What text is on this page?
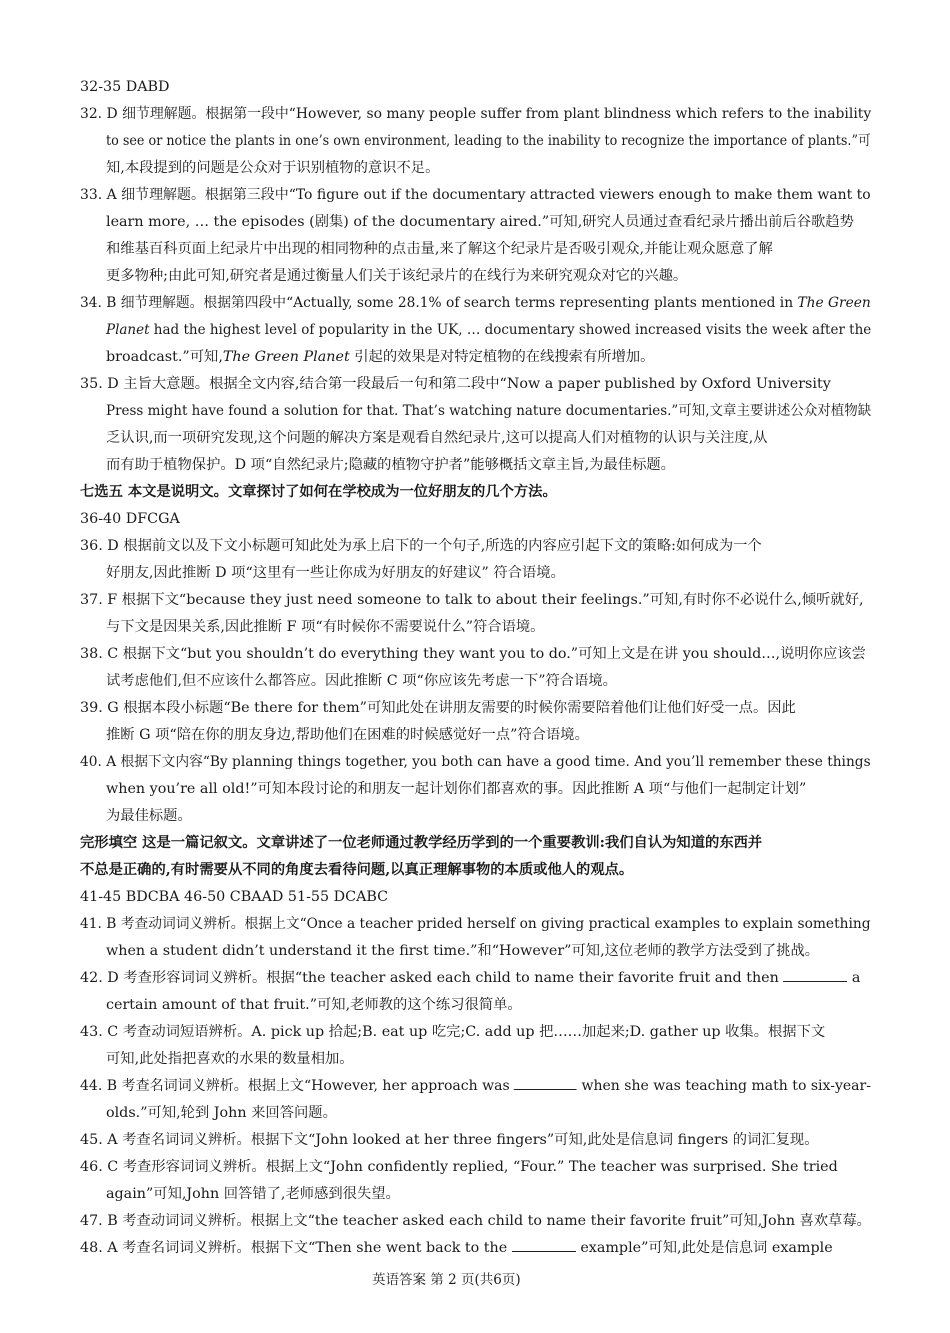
32-35 DABD
32. D 细节理解题。根据第一段中“However, so many people suffer from plant blindness which refers to the inability
to see or notice the plants in one’s own environment, leading to the inability to recognize the importance of plants.”可
知,本段提到的问题是公众对于识别植物的意识不足。
33. A 细节理解题。根据第三段中“To figure out if the documentary attracted viewers enough to make them want to
learn more, … the episodes (剧集) of the documentary aired.”可知,研究人员通过查看纪录片播出前后谷歌趋势
和维基百科页面上纪录片中出现的相同物种的点击量,来了解这个纪录片是否吸引观众,并能让观众愿意了解
更多物种;由此可知,研究者是通过衡量人们关于该纪录片的在线行为来研究观众对它的兴趣。
34. B 细节理解题。根据第四段中“Actually, some 28.1% of search terms representing plants mentioned in The Green
Planet had the highest level of popularity in the UK, … documentary showed increased visits the week after the
broadcast.”可知,The Green Planet 引起的效果是对特定植物的在线搜索有所增加。
35. D 主旨大意题。根据全文内容,结合第一段最后一句和第二段中“Now a paper published by Oxford University
Press might have found a solution for that. That’s watching nature documentaries.”可知,文章主要讲述公众对植物缺
乏认识,而一项研究发现,这个问题的解决方案是观看自然纪录片,这可以提高人们对植物的认识与关注度,从
而有助于植物保护。D 项“自然纪录片;隐藏的植物守护者”能够概括文章主旨,为最佳标题。
七选五 本文是说明文。文章探讨了如何在学校成为一位好朋友的几个方法。
36-40 DFCGA
36. D 根据前文以及下文小标题可知此处为承上启下的一个句子,所选的内容应引起下文的策略:如何成为一个
好朋友,因此推断 D 项“这里有一些让你成为好朋友的好建议” 符合语境。
37. F 根据下文“because they just need someone to talk to about their feelings.”可知,有时你不必说什么,倾听就好,
与下文是因果关系,因此推断 F 项“有时候你不需要说什么”符合语境。
38. C 根据下文“but you shouldn’t do everything they want you to do.”可知上文是在讲 you should…,说明你应该尝
试考虑他们,但不应该什么都答应。因此推断 C 项“你应该先考虑一下”符合语境。
39. G 根据本段小标题“Be there for them”可知此处在讲朋友需要的时候你需要陪着他们让他们好受一点。因此
推断 G 项“陪在你的朋友身边,帮助他们在困难的时候感觉好一点”符合语境。
40. A 根据下文内容“By planning things together, you both can have a good time. And you’ll remember these things
when you’re all old!”可知本段讨论的和朋友一起计划你们都喜欢的事。因此推断 A 项“与他们一起制定计划”
为最佳标题。
完形填空 这是一篇记叙文。文章讲述了一位老师通过教学经历学到的一个重要教训:我们自认为知道的东西并
不总是正确的,有时需要从不同的角度去看待问题,以真正理解事物的本质或他人的观点。
41-45 BDCBA 46-50 CBAAD 51-55 DCABC
41. B 考查动词词义辨析。根据上文“Once a teacher prided herself on giving practical examples to explain something
when a student didn’t understand it the first time.”和“However”可知,这位老师的教学方法受到了挑战。
42. D 考查形容词词义辨析。根据“the teacher asked each child to name their favorite fruit and then	a
certain amount of that fruit.”可知,老师教的这个练习很简单。
43. C 考查动词短语辨析。A. pick up 拾起;B. eat up 吃完;C. add up 把……加起来;D. gather up 收集。根据下文
可知,此处指把喜欢的水果的数量相加。
44. B 考查名词词义辨析。根据上文“However, her approach was	when she was teaching math to six-year-
olds.”可知,轮到 John 来回答问题。
45. A 考查名词词义辨析。根据下文“John looked at her three fingers”可知,此处是信息词 fingers 的词汇复现。
46. C 考查形容词词义辨析。根据上文“John confidently replied, “Four.” The teacher was surprised. She tried
again”可知,John 回答错了,老师感到很失望。
47. B 考查动词词义辨析。根据上文“the teacher asked each child to name their favorite fruit”可知,John 喜欢草莓。
48. A 考查名词词义辨析。根据下文“Then she went back to the	example”可知,此处是信息词 example
英语答案 第 2 页(共6页)
